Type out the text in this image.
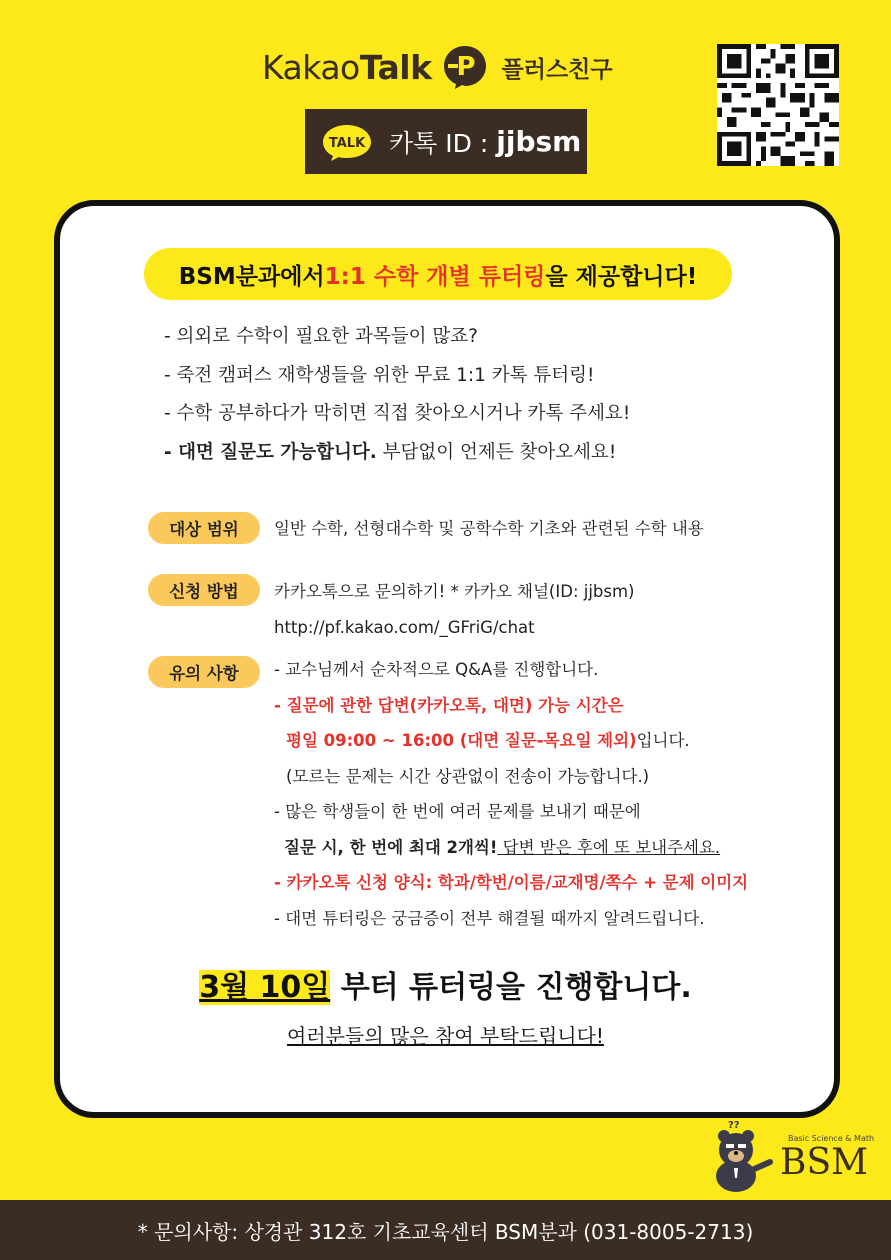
KakaoTalk P 플러스친구
TALK 카톡 ID : jjbsm
BSM분과에서 1:1 수학 개별 튜터링 을 제공합니다!
- 의외로 수학이 필요한 과목들이 많죠?
- 죽전 캠퍼스 재학생들을 위한 무료 1:1 카톡 튜터링!
- 수학 공부하다가 막히면 직접 찾아오시거나 카톡 주세요!
- 대면 질문도 가능합니다. 부담없이 언제든 찾아오세요!
대상 범위	일반 수학, 선형대수학 및 공학수학 기초와 관련된 수학 내용
신청 방법	카카오톡으로 문의하기! * 카카오 채널(ID: jjbsm)
http://pf.kakao.com/_GFriG/chat
유의 사항	- 교수님께서 순차적으로 Q&A를 진행합니다.
- 질문에 관한 답변(카카오톡, 대면) 가능 시간은
평일 09:00 ~ 16:00 (대면 질문-목요일 제외)입니다.
(모르는 문제는 시간 상관없이 전송이 가능합니다.)
- 많은 학생들이 한 번에 여러 문제를 보내기 때문에
질문 시, 한 번에 최대 2개씩! 답변 받은 후에 또 보내주세요.
- 카카오톡 신청 양식: 학과/학번/이름/교재명/쪽수 + 문제 이미지
- 대면 튜터링은 궁금증이 전부 해결될 때까지 알려드립니다.
3월 10일 부터 튜터링을 진행합니다.
여러분들의 많은 참여 부탁드립니다!
??
Basic Science & Math
BSM
* 문의사항: 상경관 312호 기초교육센터 BSM분과 (031-8005-2713)
